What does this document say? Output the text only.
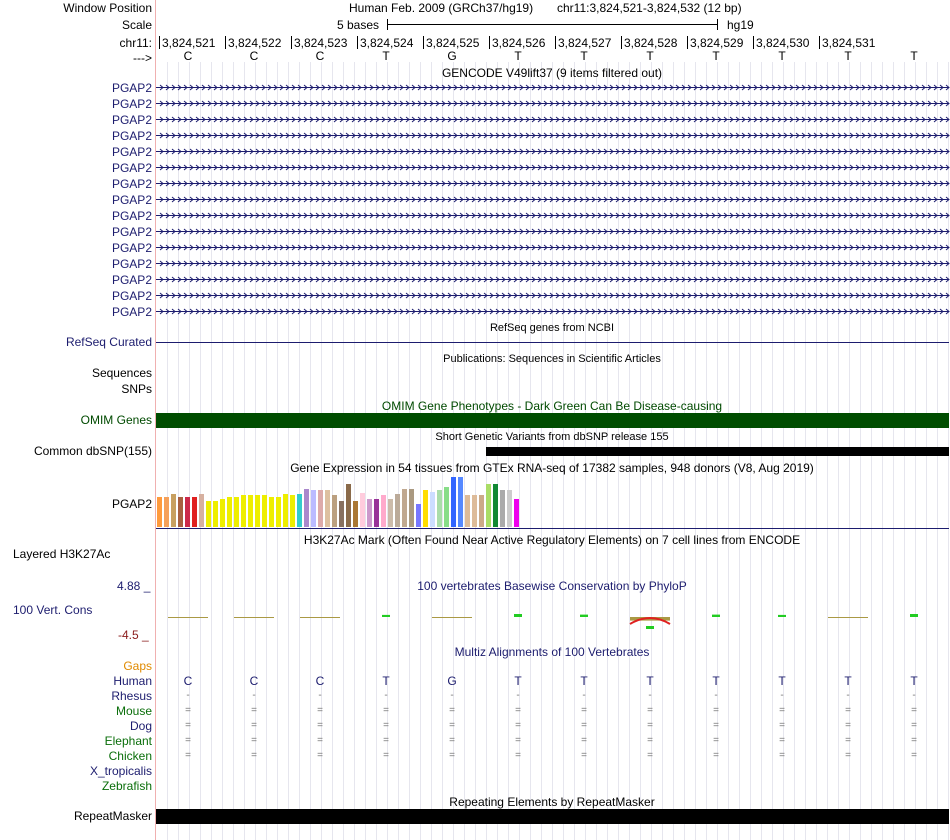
Window Position	Human Feb. 2009 (GRCh37/hg19) chr11:3,824,521-3,824,532 (12 bp)
Scale	5 bases	hg19
chr11: 3,824,521 3,824,522 3,824,523 3,824,524 3,824,525 3,824,526 3,824,527 3,824,528 3,824,529 3,824,530 3,824,531
--->	C	C	C	T	G	T	T	T	T	T	T	T
GENCODE V49lift37 (9 items filtered out)
PGAP2
PGAP2
PGAP2
PGAP2
PGAP2
PGAP2
PGAP2
PGAP2
PGAP2
PGAP2
PGAP2
PGAP2
PGAP2
PGAP2
PGAP2
RefSeq genes from NCBI
RefSeq Curated
Publications: Sequences in Scientific Articles
Sequences
SNPs
OMIM Gene Phenotypes - Dark Green Can Be Disease-causing
OMIM Genes
Short Genetic Variants from dbSNP release 155
Common dbSNP(155)
Gene Expression in 54 tissues from GTEx RNA-seq of 17382 samples, 948 donors (V8, Aug 2019)
PGAP2
H3K27Ac Mark (Often Found Near Active Regulatory Elements) on 7 cell lines from ENCODE
Layered H3K27Ac
4.88 _	100 vertebrates Basewise Conservation by PhyloP
100 Vert. Cons
-4.5 _
Multiz Alignments of 100 Vertebrates
Gaps
Human	C	C	C	T	G	T	T	T	T	T	T	T
Rhesus	-	-	-	-	-	-	-	-	-	-	-	-
Mouse	=	=	=	=	=	=	=	=	=	=	=	=
Dog	=	=	=	=	=	=	=	=	=	=	=	=
Elephant	=	=	=	=	=	=	=	=	=	=	=	=
Chicken	=	=	=	=	=	=	=	=	=	=	=	=
X_tropicalis
Zebrafish
Repeating Elements by RepeatMasker
RepeatMasker
